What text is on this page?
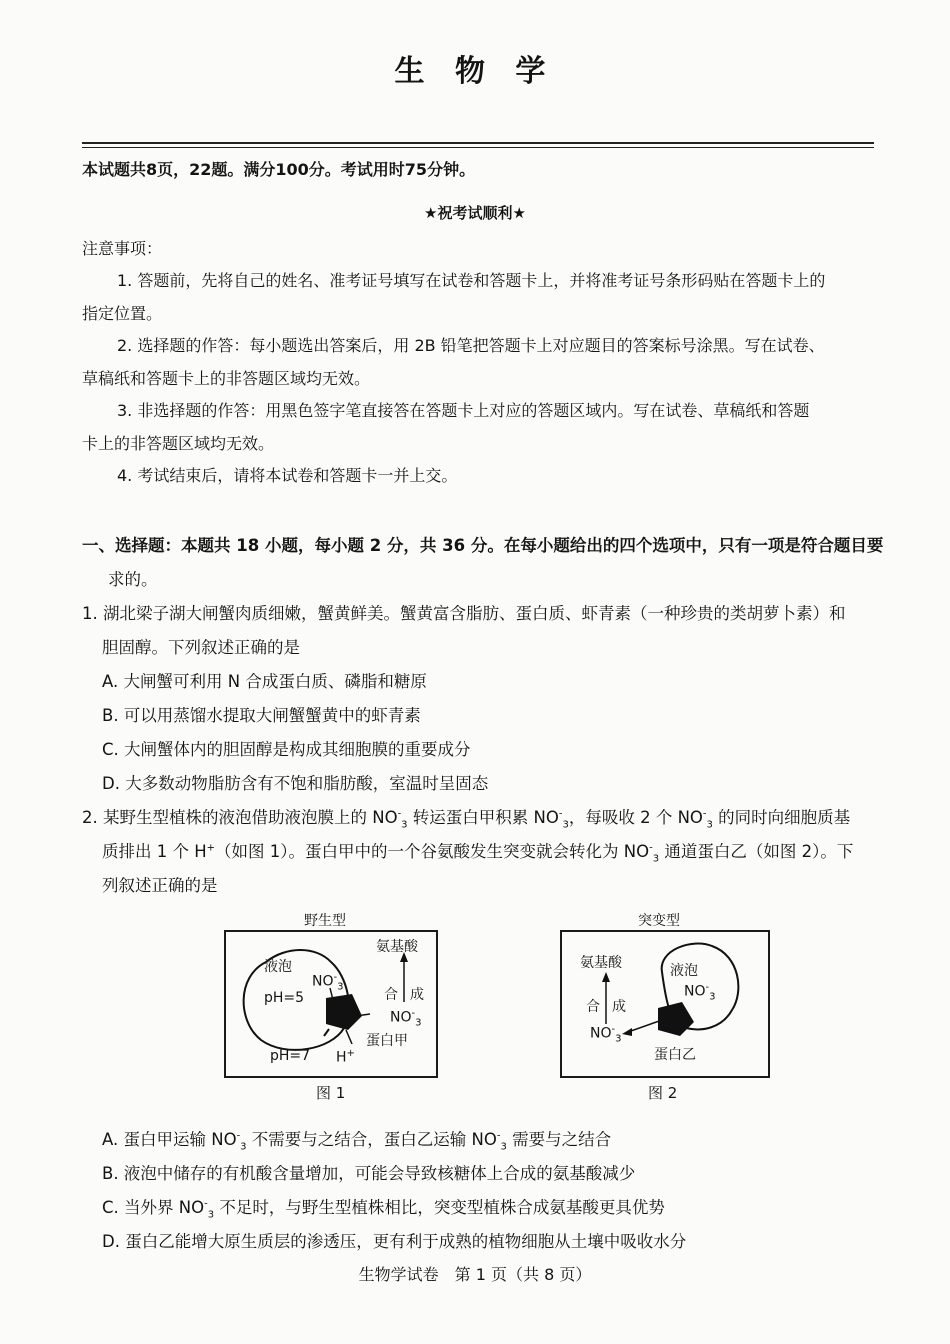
生 物 学
本试题共8页，22题。满分100分。考试用时75分钟。
★祝考试顺利★
注意事项：
1. 答题前，先将自己的姓名、准考证号填写在试卷和答题卡上，并将准考证号条形码贴在答题卡上的
指定位置。
2. 选择题的作答：每小题选出答案后，用 2B 铅笔把答题卡上对应题目的答案标号涂黑。写在试卷、
草稿纸和答题卡上的非答题区域均无效。
3. 非选择题的作答：用黑色签字笔直接答在答题卡上对应的答题区域内。写在试卷、草稿纸和答题
卡上的非答题区域均无效。
4. 考试结束后，请将本试卷和答题卡一并上交。
一、选择题：本题共 18 小题，每小题 2 分，共 36 分。在每小题给出的四个选项中，只有一项是符合题目要
求的。
1. 湖北梁子湖大闸蟹肉质细嫩，蟹黄鲜美。蟹黄富含脂肪、蛋白质、虾青素（一种珍贵的类胡萝卜素）和
胆固醇。下列叙述正确的是
A. 大闸蟹可利用 N 合成蛋白质、磷脂和糖原
B. 可以用蒸馏水提取大闸蟹蟹黄中的虾青素
C. 大闸蟹体内的胆固醇是构成其细胞膜的重要成分
D. 大多数动物脂肪含有不饱和脂肪酸，室温时呈固态
2. 某野生型植株的液泡借助液泡膜上的 $NO^-_3$ 转运蛋白甲积累 $NO^-_3$，每吸收 2 个 $NO^-_3$ 的同时向细胞质基
质排出 1 个 H+（如图 1）。蛋白甲中的一个谷氨酸发生突变就会转化为 $NO^-_3$ 通道蛋白乙（如图 2）。下
列叙述正确的是
野生型
液泡
$NO^-_3$
pH=5
氨基酸
合 成
$NO^-_3$
蛋白甲
pH=7 H+
图 1
突变型
氨基酸	液泡
$NO^-_3$
合 成
$NO^-_3$
蛋白乙
图 2
A. 蛋白甲运输 $NO^-_3$ 不需要与之结合，蛋白乙运输 $NO^-_3$ 需要与之结合
B. 液泡中储存的有机酸含量增加，可能会导致核糖体上合成的氨基酸减少
C. 当外界 $NO^-_3$ 不足时，与野生型植株相比，突变型植株合成氨基酸更具优势
D. 蛋白乙能增大原生质层的渗透压，更有利于成熟的植物细胞从土壤中吸收水分
生物学试卷　第 1 页（共 8 页）
